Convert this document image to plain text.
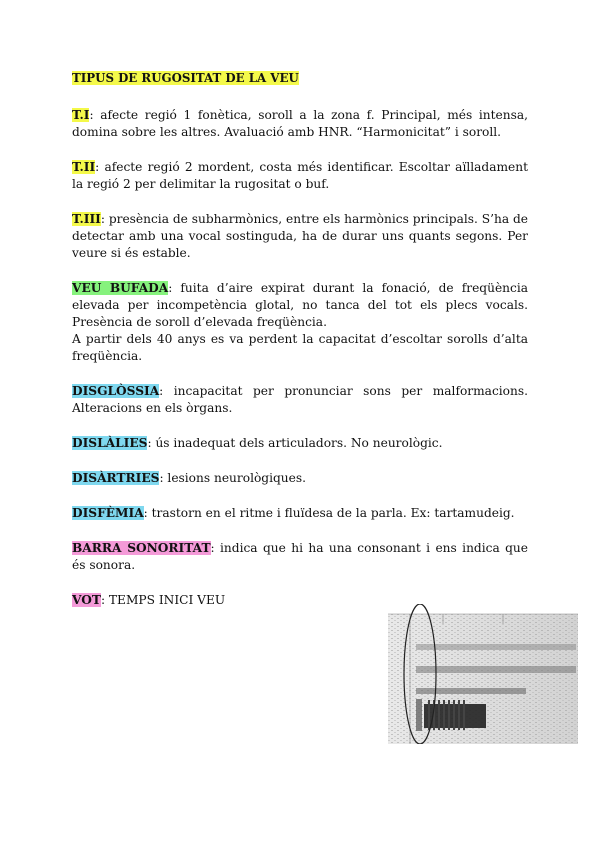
TIPUS DE RUGOSITAT DE LA VEU

T.I: afecte regió 1 fonètica, soroll a la zona f. Principal, més intensa, domina sobre les altres. Avaluació amb HNR. “Harmonicitat” i soroll.

T.II: afecte regió 2 mordent, costa més identificar. Escoltar aïlladament la regió 2 per delimitar la rugositat o buf.

T.III: presència de subharmònics, entre els harmònics principals. S’ha de detectar amb una vocal sostinguda, ha de durar uns quants segons. Per veure si és estable.

VEU BUFADA: fuita d’aire expirat durant la fonació, de freqüència elevada per incompetència glotal, no tanca del tot els plecs vocals. Presència de soroll d’elevada freqüència.
A partir dels 40 anys es va perdent la capacitat d’escoltar sorolls d’alta freqüència.

DISGLÒSSIA: incapacitat per pronunciar sons per malformacions. Alteracions en els òrgans.

DISLÀLIES: ús inadequat dels articuladors. No neurològic.

DISÀRTRIES: lesions neurològiques.

DISFÈMIA: trastorn en el ritme i fluïdesa de la parla. Ex: tartamudeig.

BARRA SONORITAT: indica que hi ha una consonant i ens indica que és sonora.

VOT: TEMPS INICI VEU
